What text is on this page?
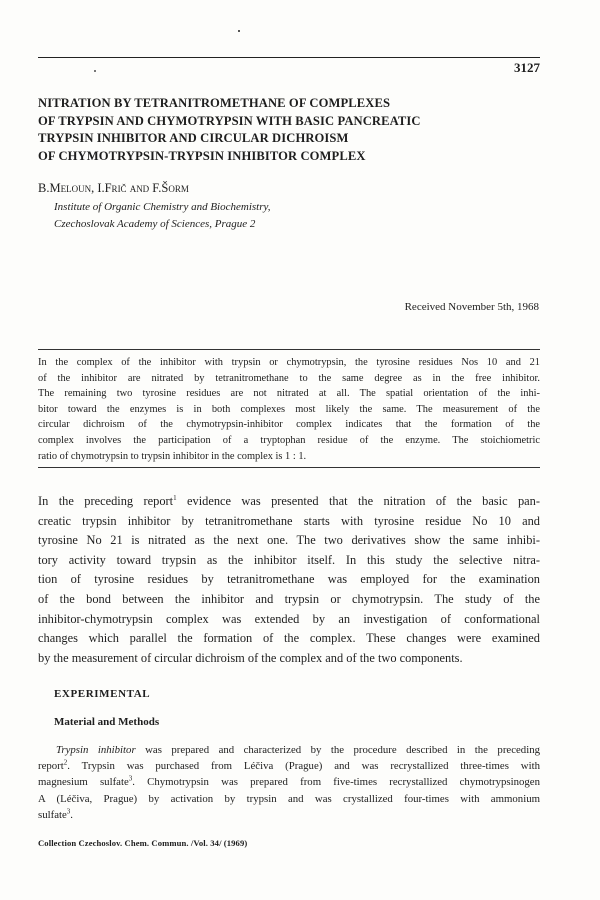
3127
NITRATION BY TETRANITROMETHANE OF COMPLEXES
OF TRYPSIN AND CHYMOTRYPSIN WITH BASIC PANCREATIC
TRYPSIN INHIBITOR AND CIRCULAR DICHROISM
OF CHYMOTRYPSIN-TRYPSIN INHIBITOR COMPLEX
B.Meloun, I.Frič and F.Šorm
Institute of Organic Chemistry and Biochemistry,
Czechoslovak Academy of Sciences, Prague 2
Received November 5th, 1968
In the complex of the inhibitor with trypsin or chymotrypsin, the tyrosine residues Nos 10 and 21
of the inhibitor are nitrated by tetranitromethane to the same degree as in the free inhibitor.
The remaining two tyrosine residues are not nitrated at all. The spatial orientation of the inhi-
bitor toward the enzymes is in both complexes most likely the same. The measurement of the
circular dichroism of the chymotrypsin-inhibitor complex indicates that the formation of the
complex involves the participation of a tryptophan residue of the enzyme. The stoichiometric
ratio of chymotrypsin to trypsin inhibitor in the complex is 1 : 1.
In the preceding report$^1$ evidence was presented that the nitration of the basic pan-
creatic trypsin inhibitor by tetranitromethane starts with tyrosine residue No 10 and
tyrosine No 21 is nitrated as the next one. The two derivatives show the same inhibi-
tory activity toward trypsin as the inhibitor itself. In this study the selective nitra-
tion of tyrosine residues by tetranitromethane was employed for the examination
of the bond between the inhibitor and trypsin or chymotrypsin. The study of the
inhibitor-chymotrypsin complex was extended by an investigation of conformational
changes which parallel the formation of the complex. These changes were examined
by the measurement of circular dichroism of the complex and of the two components.
EXPERIMENTAL
Material and Methods
Trypsin inhibitor was prepared and characterized by the procedure described in the preceding
report$^2$. Trypsin was purchased from Léčiva (Prague) and was recrystallized three-times with
magnesium sulfate$^3$. Chymotrypsin was prepared from five-times recrystallized chymotrypsinogen
A (Léčiva, Prague) by activation by trypsin and was crystallized four-times with ammonium
sulfate$^3$.
Collection Czechoslov. Chem. Commun. /Vol. 34/ (1969)
